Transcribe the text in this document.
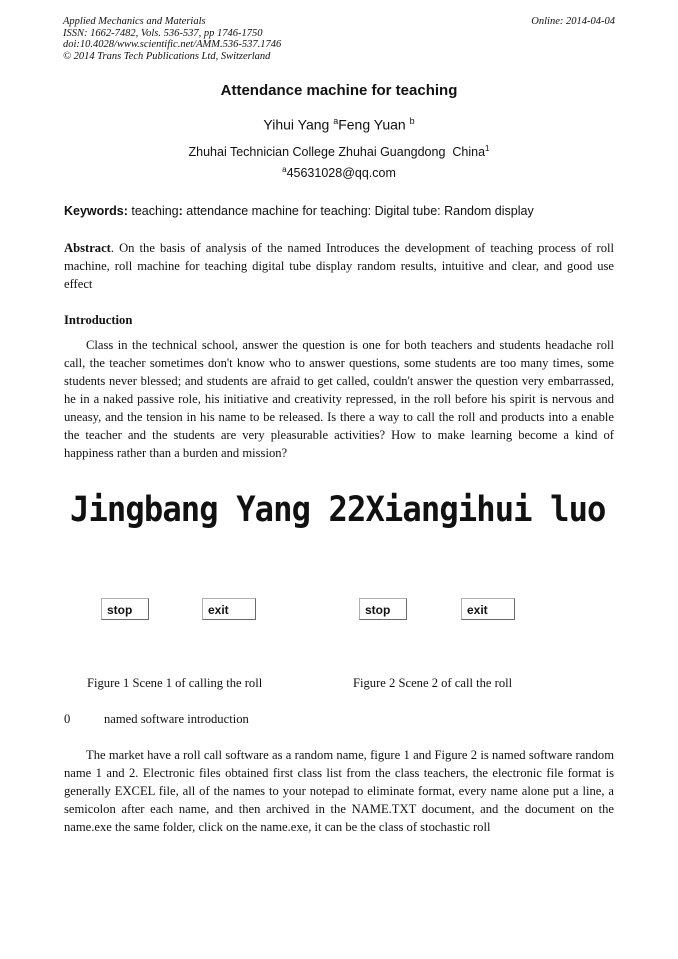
Applied Mechanics and Materials
ISSN: 1662-7482, Vols. 536-537, pp 1746-1750
doi:10.4028/www.scientific.net/AMM.536-537.1746
© 2014 Trans Tech Publications Ltd, Switzerland
Online: 2014-04-04
Attendance machine for teaching
Yihui Yang $^a$Feng Yuan $^b$
Zhuhai Technician College Zhuhai Guangdong  China$^1$
$^a$45631028@qq.com
Keywords: teaching: attendance machine for teaching: Digital tube: Random display
Abstract. On the basis of analysis of the named Introduces the development of teaching process of roll machine, roll machine for teaching digital tube display random results, intuitive and clear, and good use effect
Introduction
Class in the technical school, answer the question is one for both teachers and students headache roll call, the teacher sometimes don't know who to answer questions, some students are too many times, some students never blessed; and students are afraid to get called, couldn't answer the question very embarrassed, he in a naked passive role, his initiative and creativity repressed, in the roll before his spirit is nervous and uneasy, and the tension in his name to be released. Is there a way to call the roll and products into a enable the teacher and the students are very pleasurable activities? How to make learning become a kind of happiness rather than a burden and mission?
Jingbang Yang 22Xiangihui luo
stop	exit	stop	exit
Figure 1 Scene 1 of calling the roll	Figure 2 Scene 2 of call the roll
0	named software introduction
The market have a roll call software as a random name, figure 1 and Figure 2 is named software random name 1 and 2. Electronic files obtained first class list from the class teachers, the electronic file format is generally EXCEL file, all of the names to your notepad to eliminate format, every name alone put a line, a semicolon after each name, and then archived in the NAME.TXT document, and the document on the name.exe the same folder, click on the name.exe, it can be the class of stochastic roll
